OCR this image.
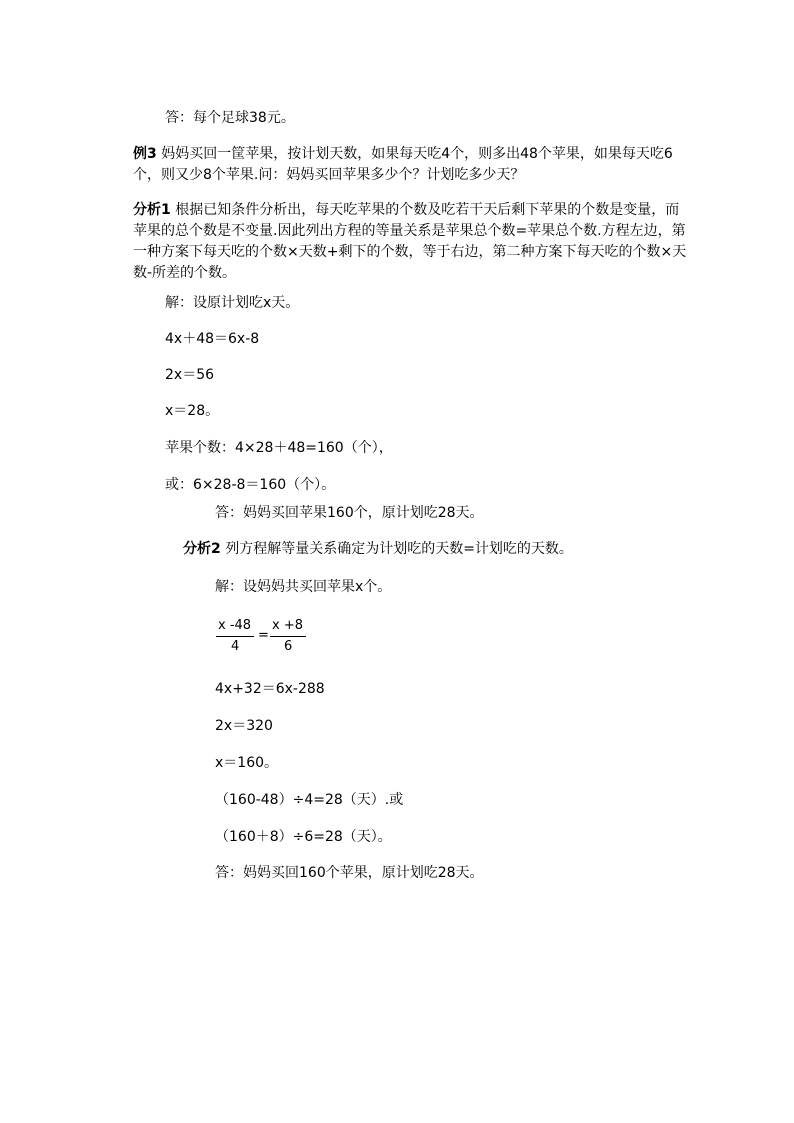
答：每个足球38元。
例3 妈妈买回一筐苹果，按计划天数，如果每天吃4个，则多出48个苹果，如果每天吃6个，则又少8个苹果.问：妈妈买回苹果多少个？计划吃多少天？
分析1 根据已知条件分析出，每天吃苹果的个数及吃若干天后剩下苹果的个数是变量，而苹果的总个数是不变量.因此列出方程的等量关系是苹果总个数=苹果总个数.方程左边，第一种方案下每天吃的个数×天数+剩下的个数，等于右边，第二种方案下每天吃的个数×天数-所差的个数。
解：设原计划吃x天。
4x＋48＝6x-8
2x＝56
x＝28。
苹果个数：4×28＋48=160（个），
或：6×28-8＝160（个）。
答：妈妈买回苹果160个，原计划吃28天。
分析2 列方程解等量关系确定为计划吃的天数=计划吃的天数。
解：设妈妈共买回苹果x个。
x -48
4
=
x +8
6
4x+32＝6x-288
2x＝320
x＝160。
（160-48）÷4=28（天）.或
（160＋8）÷6=28（天）。
答：妈妈买回160个苹果，原计划吃28天。
